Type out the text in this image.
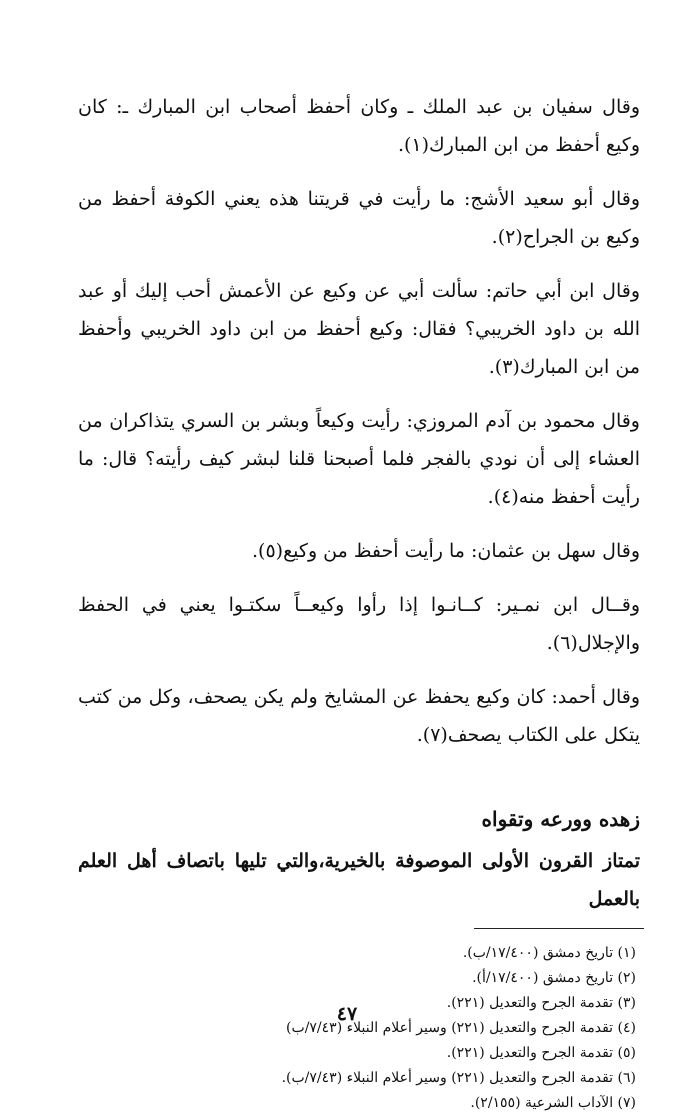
وقال سفيان بن عبد الملك ـ وكان أحفظ أصحاب ابن المبارك ـ: كان وكيع أحفظ من ابن المبارك(١).

وقال أبو سعيد الأشج: ما رأيت في قريتنا هذه يعني الكوفة أحفظ من وكيع بن الجراح(٢).

وقال ابن أبي حاتم: سألت أبي عن وكيع عن الأعمش أحب إليك أو عبد الله بن داود الخريبي؟ فقال: وكيع أحفظ من ابن داود الخريبي وأحفظ من ابن المبارك(٣).

وقال محمود بن آدم المروزي: رأيت وكيعاً وبشر بن السري يتذاكران من العشاء إلى أن نودي بالفجر فلما أصبحنا قلنا لبشر كيف رأيته؟ قال: ما رأيت أحفظ منه(٤).

وقال سهل بن عثمان: ما رأيت أحفظ من وكيع(٥).

وقــال ابن نمـير: كــانـوا إذا رأوا وكيعــاً سكتـوا يعني في الحفظ والإجلال(٦).

وقال أحمد: كان وكيع يحفظ عن المشايخ ولم يكن يصحف، وكل من كتب يتكل على الكتاب يصحف(٧).

زهده وورعه وتقواه

تمتاز القرون الأولى الموصوفة بالخيرية،والتي تليها باتصاف أهل العلم بالعمل

(١) تاريخ دمشق (١٧/٤٠٠/ب).
(٢) تاريخ دمشق (١٧/٤٠٠/أ).
(٣) تقدمة الجرح والتعديل (٢٢١).
(٤) تقدمة الجرح والتعديل (٢٢١) وسير أعلام النبلاء (٧/٤٣/ب)
(٥) تقدمة الجرح والتعديل (٢٢١).
(٦) تقدمة الجرح والتعديل (٢٢١) وسير أعلام النبلاء (٧/٤٣/ب).
(٧) الآداب الشرعية (٢/١٥٥).
٤٧
